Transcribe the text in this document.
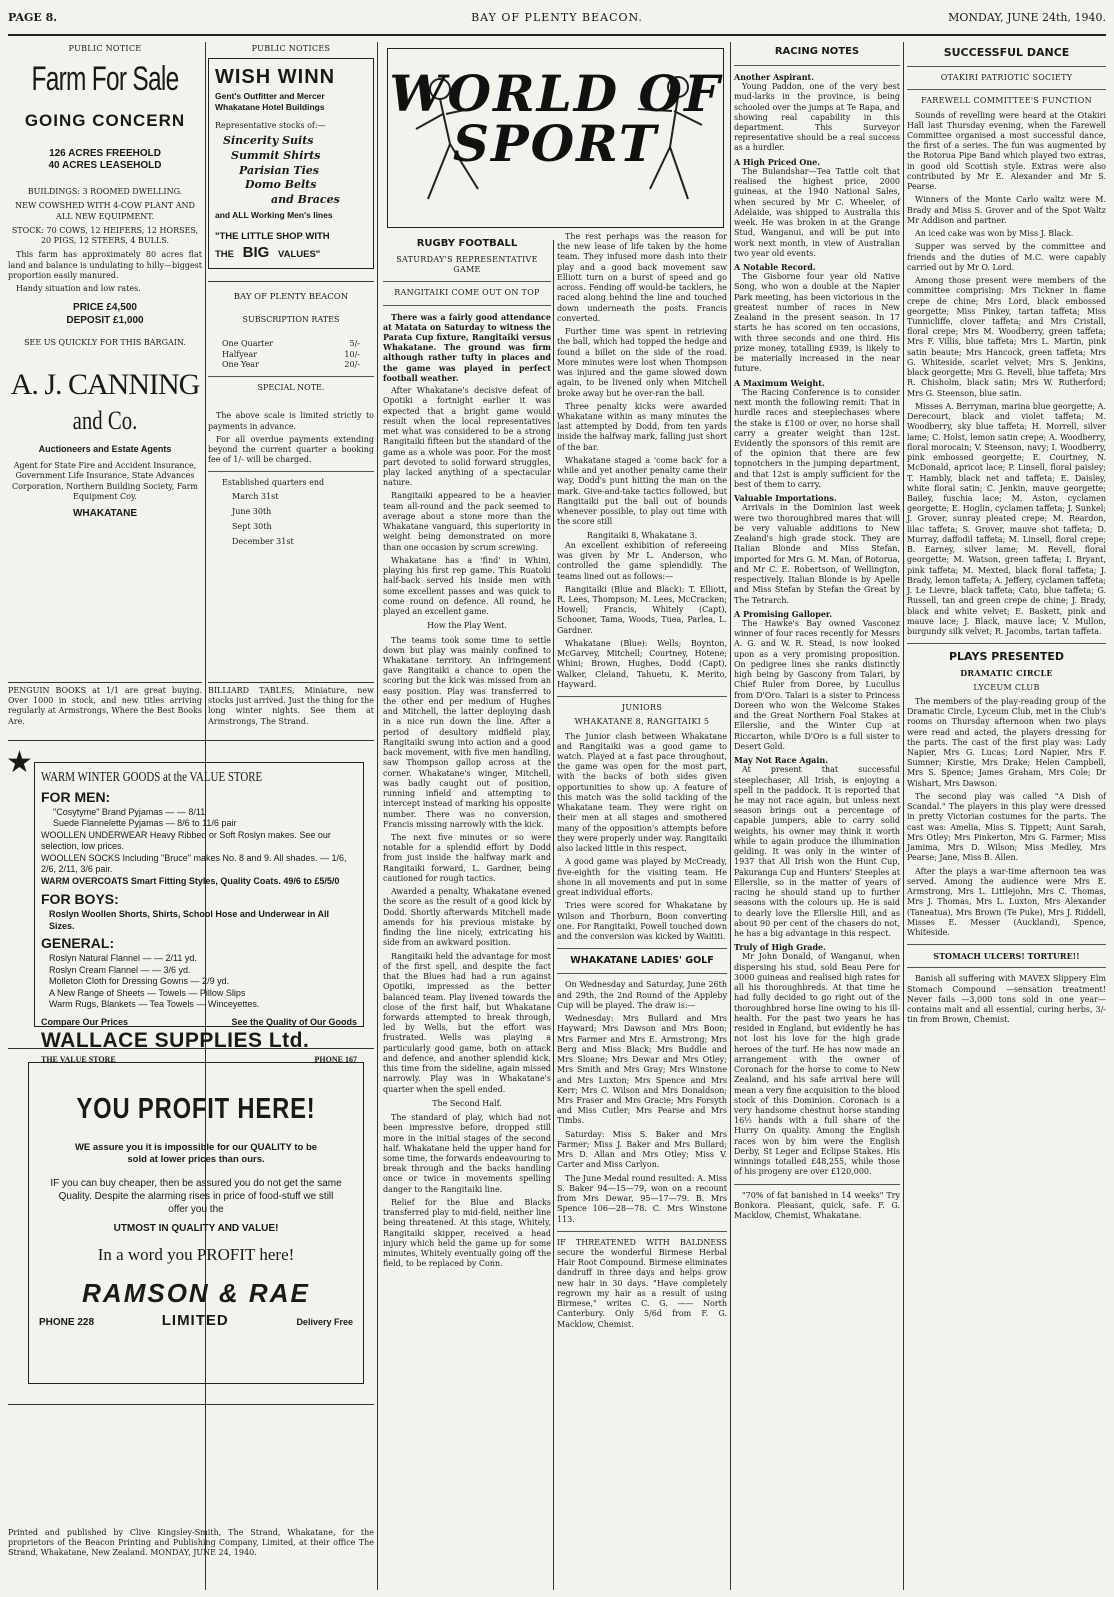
PAGE 8.	BAY OF PLENTY BEACON.	MONDAY, JUNE 24th, 1940.
PUBLIC NOTICE
Farm For Sale
GOING CONCERN
126 ACRES FREEHOLD
40 ACRES LEASEHOLD
BUILDINGS: 3 ROOMED DWELLING.
NEW COWSHED WITH 4-COW PLANT AND ALL NEW EQUIPMENT.
STOCK: 70 COWS, 12 HEIFERS, 12 HORSES, 20 PIGS, 12 STEERS, 4 BULLS.

This farm has approximately 80 acres flat land and balance is undulating to hilly—biggest proportion easily manured.

Handy situation and low rates.

PRICE £4,500
DEPOSIT £1,000
SEE US QUICKLY FOR THIS BARGAIN.
A. J. CANNING
and Co.
Auctioneers and Estate Agents
Agent for State Fire and Accident Insurance, Government Life Insurance, State Advances Corporation, Northern Building Society, Farm Equipment Coy.
WHAKATANE

PENGUIN BOOKS at 1/1 are great buying. Over 1000 in stock, and new titles arriving regularly at Armstrongs, Where the Best Books Are.

PUBLIC NOTICES
WISH WINN
Gent's Outfitter and Mercer
Whakatane Hotel Buildings
Representative stocks of:—
Sincerity Suits
Summit Shirts
Parisian Ties
Domo Belts
and Braces
and ALL Working Men's lines
"THE LITTLE SHOP WITH
THE BIG VALUES"
BAY OF PLENTY BEACON
SUBSCRIPTION RATES
One Quarter	5/-
Halfyear	10/-
One Year	20/-
SPECIAL NOTE.

The above scale is limited strictly to payments in advance.

For all overdue payments extending beyond the current quarter a booking fee of 1/- will be charged.

Established quarters end
March 31st
June 30th
Sept 30th
December 31st

BILLIARD TABLES, Miniature, new stocks just arrived. Just the thing for the long winter nights. See them at Armstrongs, The Strand.

★ WARM WINTER GOODS at the VALUE STORE
FOR MEN:
"Cosytyme" Brand Pyjamas — — 8/11
Suede Flannelette Pyjamas — 8/6 to 11/6 pair
WOOLLEN UNDERWEAR Heavy Ribbed or Soft Roslyn makes. See our selection, low prices.
WOOLLEN SOCKS Including "Bruce" makes No. 8 and 9. All shades. — 1/6, 2/6, 2/11, 3/6 pair.
WARM OVERCOATS Smart Fitting Styles, Quality Coats. 49/6 to £5/5/0
FOR BOYS:
Roslyn Woollen Shorts, Shirts, School Hose and Underwear in All Sizes.
GENERAL:
Roslyn Natural Flannel — — 2/11 yd.
Roslyn Cream Flannel — — 3/6 yd.
Molleton Cloth for Dressing Gowns — 2/9 yd.
A New Range of Sheets — Towels — Pillow Slips
Warm Rugs, Blankets — Tea Towels — Winceyettes.
Compare Our Prices	See the Quality of Our Goods
WALLACE SUPPLIES Ltd.
THE VALUE STORE	PHONE 167
YOU PROFIT HERE!
WE assure you it is impossible for our QUALITY to be sold at lower prices than ours.
IF you can buy cheaper, then be assured you do not get the same Quality. Despite the alarming rises in price of food-stuff we still offer you the
UTMOST IN QUALITY AND VALUE!
In a word you PROFIT here!
RAMSON & RAE
PHONE 228	LIMITED	Delivery Free

Printed and published by Clive Kingsley-Smith, The Strand, Whakatane, for the proprietors of the Beacon Printing and Publishing Company, Limited, at their office The Strand, Whakatane, New Zealand. MONDAY, JUNE 24, 1940.

WORLD OF SPORT
RUGBY FOOTBALL
SATURDAY'S REPRESENTATIVE GAME
RANGITAIKI COME OUT ON TOP

There was a fairly good attendance at Matata on Saturday to witness the Parata Cup fixture, Rangitaiki versus Whakatane. The ground was firm although rather tufty in places and the game was played in perfect football weather.

After Whakatane's decisive defeat of Opotiki a fortnight earlier it was expected that a bright game would result when the local representatives met what was considered to be a strong Rangitaiki fifteen but the standard of the game as a whole was poor. For the most part devoted to solid forward struggles, play lacked anything of a spectacular nature.

Rangitaiki appeared to be a heavier team all-round and the pack seemed to average about a stone more than the Whakatane vanguard, this superiority in weight being demonstrated on more than one occasion by scrum screwing.

Whakatane has a 'find' in Whini, playing his first rep game. This Ruatoki half-back served his inside men with some excellent passes and was quick to come round on defence. All round, he played an excellent game.

How the Play Went.

The teams took some time to settle down but play was mainly confined to Whakatane territory. An infringement gave Rangitaiki a chance to open the scoring but the kick was missed from an easy position. Play was transferred to the other end per medium of Hughes and Mitchell, the latter deploying dash in a nice run down the line. After a period of desultory midfield play, Rangitaiki swung into action and a good back movement, with five men handling, saw Thompson gallop across at the corner. Whakatane's winger, Mitchell, was badly caught out of position, running infield and attempting to intercept instead of marking his opposite number. There was no conversion, Francis missing narrowly with the kick.

The next five minutes or so were notable for a splendid effort by Dodd from just inside the halfway mark and Rangitaiki forward, L. Gardner, being cautioned for rough tactics.

Awarded a penalty, Whakatane evened the score as the result of a good kick by Dodd. Shortly afterwards Mitchell made amends for his previous mistake by finding the line nicely, extricating his side from an awkward position.

Rangitaiki held the advantage for most of the first spell, and despite the fact that the Blues had had a run against Opotiki, impressed as the better balanced team. Play livened towards the close of the first half, but Whakatane forwards attempted to break through, led by Wells, but the effort was frustrated. Wells was playing a particularly good game, both on attack and defence, and another splendid kick, this time from the sideline, again missed narrowly. Play was in Whakatane's quarter when the spell ended.

The Second Half.

The standard of play, which had not been impressive before, dropped still more in the initial stages of the second half. Whakatane held the upper hand for some time, the forwards endeavouring to break through and the backs handling once or twice in movements spelling danger to the Rangitaiki line.

Relief for the Blue and Blacks transferred play to mid-field, neither line being threatened. At this stage, Whitely, Rangitaiki skipper, received a head injury which held the game up for some minutes, Whitely eventually going off the field, to be replaced by Conn.

The rest perhaps was the reason for the new lease of life taken by the home team. They infused more dash into their play and a good back movement saw Elliott turn on a burst of speed and go across. Fending off would-be tacklers, he raced along behind the line and touched down underneath the posts. Francis converted.

Further time was spent in retrieving the ball, which had topped the hedge and found a billet on the side of the road. More minutes were lost when Thompson was injured and the game slowed down again, to be livened only when Mitchell broke away but he over-ran the ball.

Three penalty kicks were awarded Whakatane within as many minutes the last attempted by Dodd, from ten yards inside the halfway mark, falling just short of the bar.

Whakatane staged a 'come back' for a while and yet another penalty came their way, Dodd's punt hitting the man on the mark. Give-and-take tactics followed, but Rangitaiki put the ball out of bounds whenever possible, to play out time with the score still

Rangitaiki 8, Whakatane 3.

An excellent exhibition of refereeing was given by Mr L. Anderson, who controlled the game splendidly. The teams lined out as follows:—

Rangitaiki (Blue and Black): T. Elliott, R. Lees, Thompson; M. Lees, McCracken; Howell; Francis, Whitely (Capt), Schooner, Tama, Woods, Tuea, Parlea, L. Gardner.

Whakatane (Blue): Wells; Boynton, McGarvey, Mitchell; Courtney, Hotene; Whini; Brown, Hughes, Dodd (Capt), Walker, Cleland, Tahuetu, K. Merito, Hayward.

JUNIORS
WHAKATANE 8, RANGITAIKI 5

The Junior clash between Whakatane and Rangitaiki was a good game to watch. Played at a fast pace throughout, the game was open for the most part, with the backs of both sides given opportunities to show up. A feature of this match was the solid tackling of the Whakatane team. They were right on their men at all stages and smothered many of the opposition's attempts before they were properly under way. Rangitaiki also lacked little in this respect.

A good game was played by McCready, five-eighth for the visiting team. He shone in all movements and put in some great individual efforts.

Tries were scored for Whakatane by Wilson and Thorburn, Boon converting one. For Rangitaiki, Powell touched down and the conversion was kicked by Waititi.

WHAKATANE LADIES' GOLF

On Wednesday and Saturday, June 26th and 29th, the 2nd Round of the Appleby Cup will be played. The draw is:—

Wednesday: Mrs Bullard and Mrs Hayward; Mrs Dawson and Mrs Boon; Mrs Farmer and Mrs E. Armstrong; Mrs Berg and Miss Black; Mrs Buddle and Mrs Sloane; Mrs Dewar and Mrs Otley; Mrs Smith and Mrs Gray; Mrs Winstone and Mrs Luxton; Mrs Spence and Mrs Kerr; Mrs C. Wilson and Mrs Donaldson; Mrs Fraser and Mrs Gracie; Mrs Forsyth and Miss Cutler; Mrs Pearse and Mrs Timbs.

Saturday: Miss S. Baker and Mrs Farmer; Miss J. Baker and Mrs Bullard; Mrs D. Allan and Mrs Otley; Miss V. Carter and Miss Carlyon.

The June Medal round resulted: A. Miss S. Baker 94—15—79, won on a recount from Mrs Dewar, 95—17—79. B. Mrs Spence 106—28—78. C. Mrs Winstone 113.

IF THREATENED WITH BALDNESS secure the wonderful Birmese Herbal Hair Root Compound. Birmese eliminates dandruff in three days and helps grow new hair in 30 days. "Have completely regrown my hair as a result of using Birmese," writes C. G. —— North Canterbury. Only 5/6d from F. G. Macklow, Chemist.

RACING NOTES
Another Aspirant.

Young Paddon, one of the very best mud-larks in the province, is being schooled over the jumps at Te Rapa, and showing real capability in this department. This Surveyor representative should be a real success as a hurdler.

A High Priced One.

The Bulandshar—Tea Tattle colt that realised the highest price, 2000 guineas, at the 1940 National Sales, when secured by Mr C. Wheeler, of Adelaide, was shipped to Australia this week. He was broken in at the Grange Stud, Wanganui, and will be put into work next month, in view of Australian two year old events.

A Notable Record.

The Gisborne four year old Native Song, who won a double at the Napier Park meeting, has been victorious in the greatest number of races in New Zealand in the present season. In 17 starts he has scored on ten occasions, with three seconds and one third. His prize money, totalling £939, is likely to be materially increased in the near future.

A Maximum Weight.

The Racing Conference is to consider next month the following remit: That in hurdle races and steeplechases where the stake is £100 or over, no horse shall carry a greater weight than 12st. Evidently the sponsors of this remit are of the opinion that there are few topnotchers in the jumping department, and that 12st is amply sufficient for the best of them to carry.

Valuable Importations.

Arrivals in the Dominion last week were two thoroughbred mares that will be very valuable additions to New Zealand's high grade stock. They are Italian Blonde and Miss Stefan, imported for Mrs G. M. Man, of Rotorua, and Mr C. E. Robertson, of Wellington, respectively. Italian Blonde is by Apelle and Miss Stefan by Stefan the Great by The Tetrarch.

A Promising Galloper.

The Hawke's Bay owned Vasconez winner of four races recently for Messrs A. G. and W. R. Stead, is now looked upon as a very promising proposition. On pedigree lines she ranks distinctly high being by Gascony from Talari, by Chief Ruler from Doree, by Lucullus from D'Oro. Talari is a sister to Princess Doreen who won the Welcome Stakes and the Great Northern Foal Stakes at Ellerslie, and the Winter Cup at Riccarton, while D'Oro is a full sister to Desert Gold.

May Not Race Again.

At present that successful steeplechaser, All Irish, is enjoying a spell in the paddock. It is reported that he may not race again, but unless next season brings out a percentage of capable jumpers, able to carry solid weights, his owner may think it worth while to again produce the illumination gelding. It was only in the winter of 1937 that All Irish won the Hunt Cup, Pakuranga Cup and Hunters' Steeples at Ellerslie, so in the matter of years of racing he should stand up to further seasons with the colours up. He is said to dearly love the Ellerslie Hill, and as about 90 per cent of the chasers do not, he has a big advantage in this respect.

Truly of High Grade.

Mr John Donald, of Wanganui, when dispersing his stud, sold Beau Pere for 3000 guineas and realised high rates for all his thoroughbreds. At that time he had fully decided to go right out of the thoroughbred horse line owing to his ill-health. For the past two years he has resided in England, but evidently he has not lost his love for the high grade heroes of the turf. He has now made an arrangement with the owner of Coronach for the horse to come to New Zealand, and his safe arrival here will mean a very fine acquisition to the blood stock of this Dominion. Coronach is a very handsome chestnut horse standing 16½ hands with a full share of the Hurry On quality. Among the English races won by him were the English Derby, St Leger and Eclipse Stakes. His winnings totalled £48,255, while those of his progeny are over £120,000.

"70% of fat banished in 14 weeks" Try Bonkora. Pleasant, quick, safe. F. G. Macklow, Chemist, Whakatane.

SUCCESSFUL DANCE
OTAKIRI PATRIOTIC SOCIETY
FAREWELL COMMITTEE'S FUNCTION

Sounds of revelling were heard at the Otakiri Hall last Thursday evening, when the Farewell Committee organised a most successful dance, the first of a series. The fun was augmented by the Rotorua Pipe Band which played two extras, in good old Scottish style. Extras were also contributed by Mr E. Alexander and Mr S. Pearse.

Winners of the Monte Carlo waltz were M. Brady and Miss S. Grover and of the Spot Waltz Mr Addison and partner.

An iced cake was won by Miss J. Black.

Supper was served by the committee and friends and the duties of M.C. were capably carried out by Mr O. Lord.

Among those present were members of the committee comprising: Mrs Tickner in flame crepe de chine; Mrs Lord, black embossed georgette; Miss Pinkey, tartan taffeta; Miss Tunnicliffe, clover taffeta; and Mrs Cristall, floral crepe; Mrs M. Woodberry, green taffeta; Mrs F. Villis, blue taffeta; Mrs L. Martin, pink satin beaute; Mrs Hancock, green taffeta; Mrs G. Whiteside, scarlet velvet; Mrs S. Jenkins, black georgette; Mrs G. Revell, blue taffeta; Mrs R. Chisholm, black satin; Mrs W. Rutherford; Mrs G. Steenson, blue satin.

Misses A. Berryman, marina blue georgette; A. Derecourt, black and violet taffeta; M. Woodberry, sky blue taffeta; H. Morrell, silver lame; C. Holst, lemon satin crepe; A. Woodberry, floral morocain; V. Steenson, navy; I. Woodberry, pink embossed georgette; E. Courtney, N. McDonald, apricot lace; P. Linsell, floral paisley; T. Hambly, black net and taffeta; E. Daisley, white floral satin; C. Jenkin, mauve georgette; Bailey, fuschia lace; M. Aston, cyclamen georgette; E. Hoglin, cyclamen taffeta; J. Sunkel; J. Grover, sunray pleated crepe; M. Reardon, lilac taffeta; S. Grover, mauve shot taffeta; D. Murray, daffodil taffeta; M. Linsell, floral crepe; B. Earney, silver lame; M. Revell, floral georgette; M. Watson, green taffeta; I. Bryant, pink taffeta; M. Mexted, black floral taffeta; J. Brady, lemon taffeta; A. Jeffery, cyclamen taffeta; J. Le Lievre, black taffeta; Cato, blue taffeta; G. Russell, tan and green crepe de chine; J. Brady, black and white velvet; E. Baskett, pink and mauve lace; J. Black, mauve lace; V. Mullon, burgundy silk velvet; R. Jacombs, tartan taffeta.

PLAYS PRESENTED
DRAMATIC CIRCLE
LYCEUM CLUB

The members of the play-reading group of the Dramatic Circle, Lyceum Club, met in the Club's rooms on Thursday afternoon when two plays were read and acted, the players dressing for the parts. The cast of the first play was: Lady Napier, Mrs G. Lucas; Lord Napier, Mrs F. Sumner; Kirstie, Mrs Drake; Helen Campbell, Mrs S. Spence; James Graham, Mrs Cole; Dr Wishart, Mrs Dawson.

The second play was called "A Dish of Scandal." The players in this play were dressed in pretty Victorian costumes for the parts. The cast was: Amelia, Miss S. Tippett; Aunt Sarah, Mrs Otley; Mrs Pinkerton, Mrs G. Farmer; Miss Jamima, Mrs D. Wilson; Miss Medley, Mrs Pearse; Jane, Miss B. Allen.

After the plays a war-time afternoon tea was served. Among the audience were Mrs E. Armstrong, Mrs L. Littlejohn, Mrs C. Thomas, Mrs J. Thomas, Mrs L. Luxton, Mrs Alexander (Taneatua), Mrs Brown (Te Puke), Mrs J. Riddell, Misses E. Messer (Auckland), Spence, Whiteside.

STOMACH ULCERS! TORTURE!!

Banish all suffering with MAVEX Slippery Elm Stomach Compound —sensation treatment! Never fails —3,000 tons sold in one year—contains malt and all essential, curing herbs, 3/- tin from Brown, Chemist.
